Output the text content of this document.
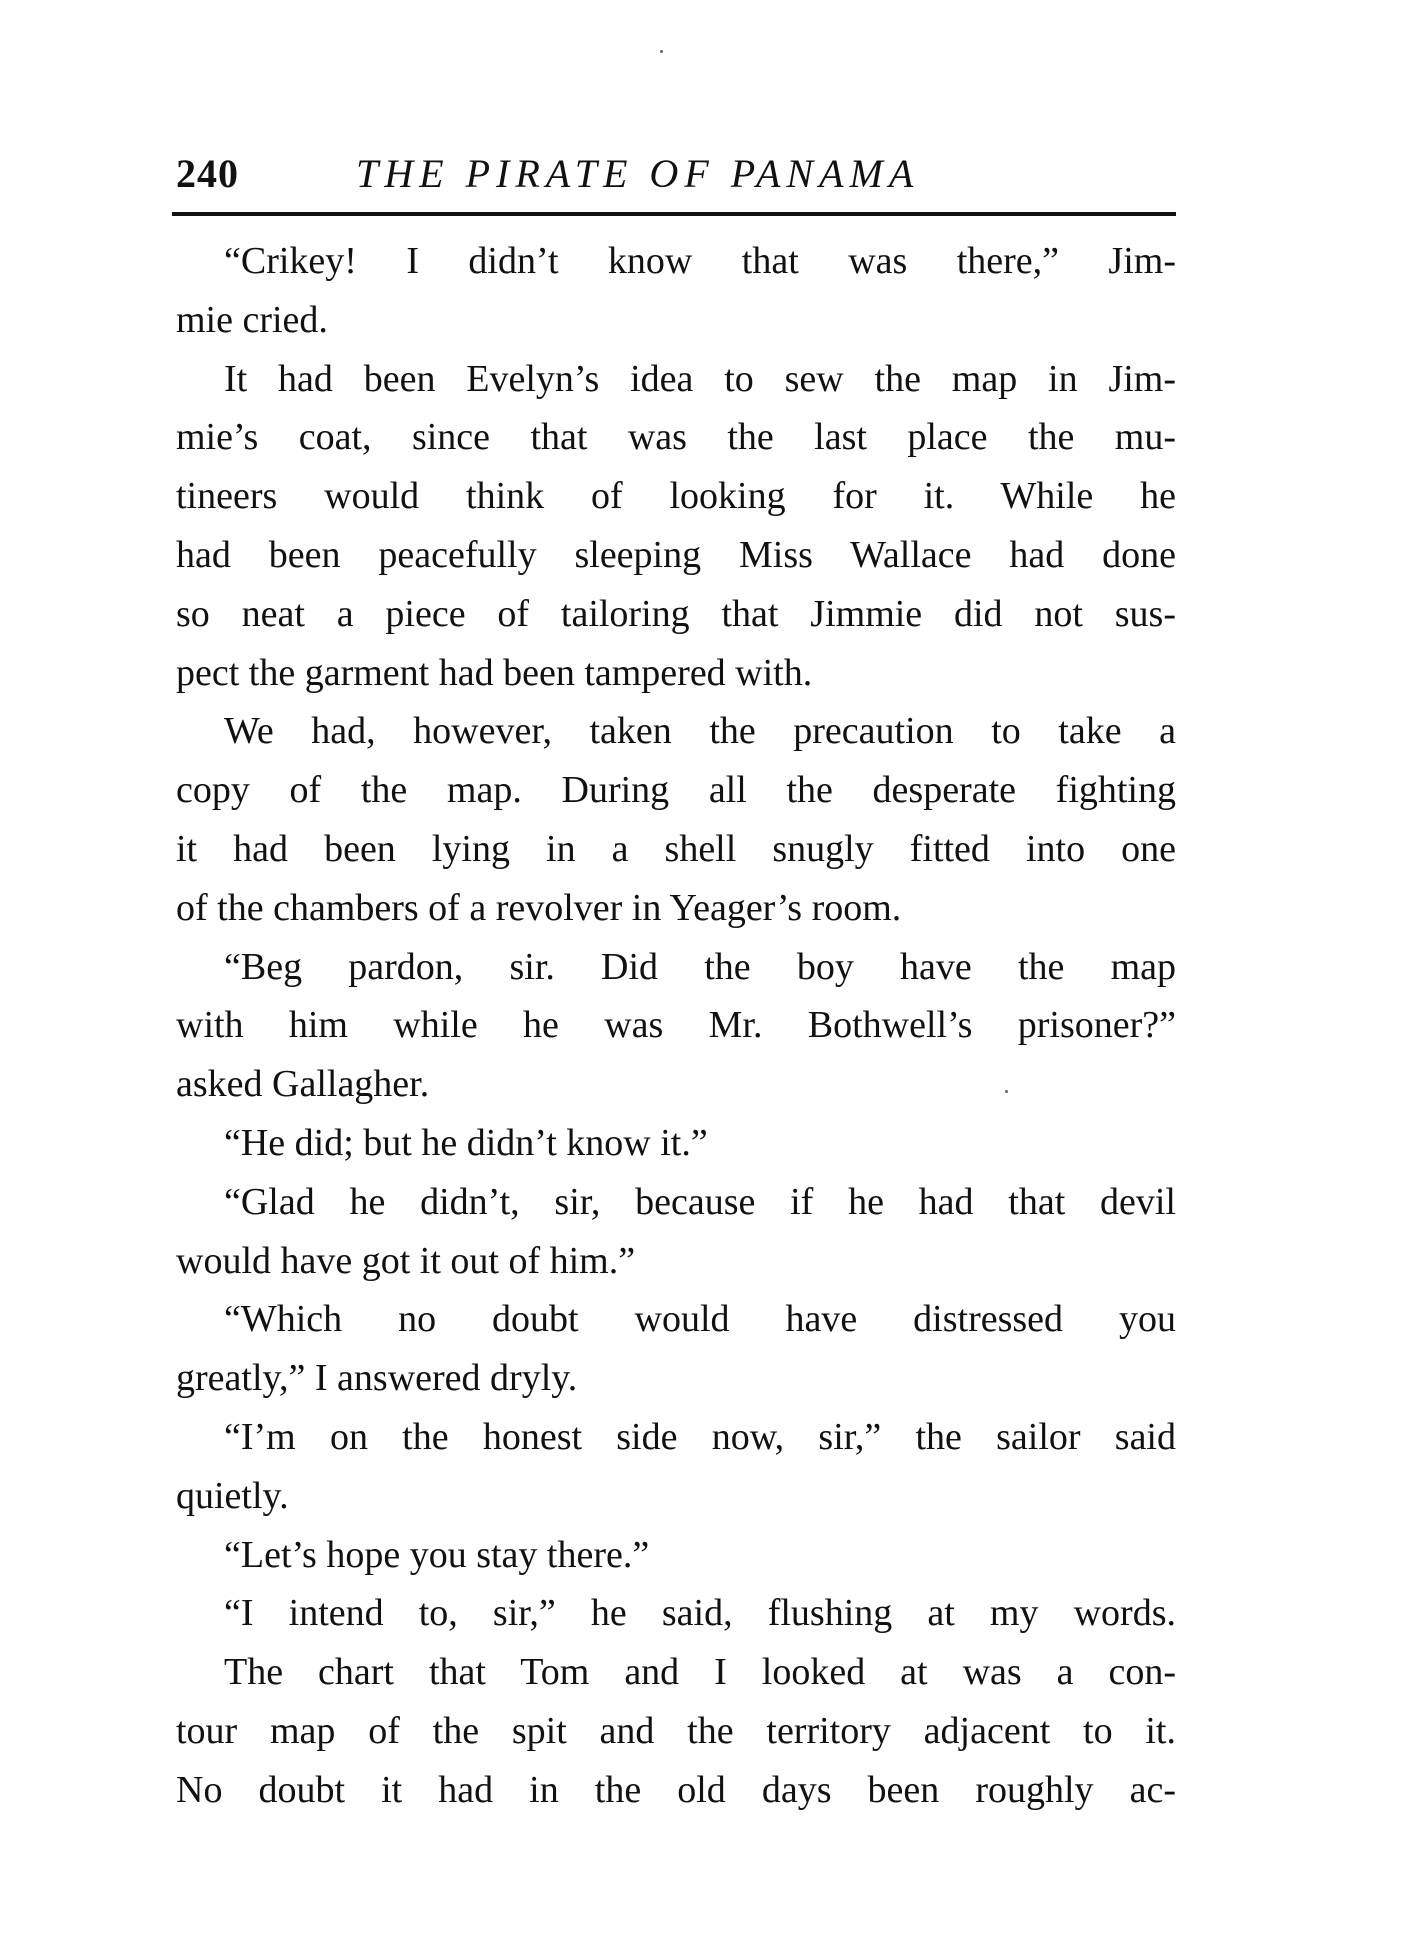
240	THE PIRATE OF PANAMA
“Crikey! I didn’t know that was there,” Jim-
mie cried.
It had been Evelyn’s idea to sew the map in Jim-
mie’s coat, since that was the last place the mu-
tineers would think of looking for it. While he
had been peacefully sleeping Miss Wallace had done
so neat a piece of tailoring that Jimmie did not sus-
pect the garment had been tampered with.
We had, however, taken the precaution to take a
copy of the map. During all the desperate fighting
it had been lying in a shell snugly fitted into one
of the chambers of a revolver in Yeager’s room.
“Beg pardon, sir. Did the boy have the map
with him while he was Mr. Bothwell’s prisoner?”
asked Gallagher.
“He did; but he didn’t know it.”
“Glad he didn’t, sir, because if he had that devil
would have got it out of him.”
“Which no doubt would have distressed you
greatly,” I answered dryly.
“I’m on the honest side now, sir,” the sailor said
quietly.
“Let’s hope you stay there.”
“I intend to, sir,” he said, flushing at my words.
The chart that Tom and I looked at was a con-
tour map of the spit and the territory adjacent to it.
No doubt it had in the old days been roughly ac-
